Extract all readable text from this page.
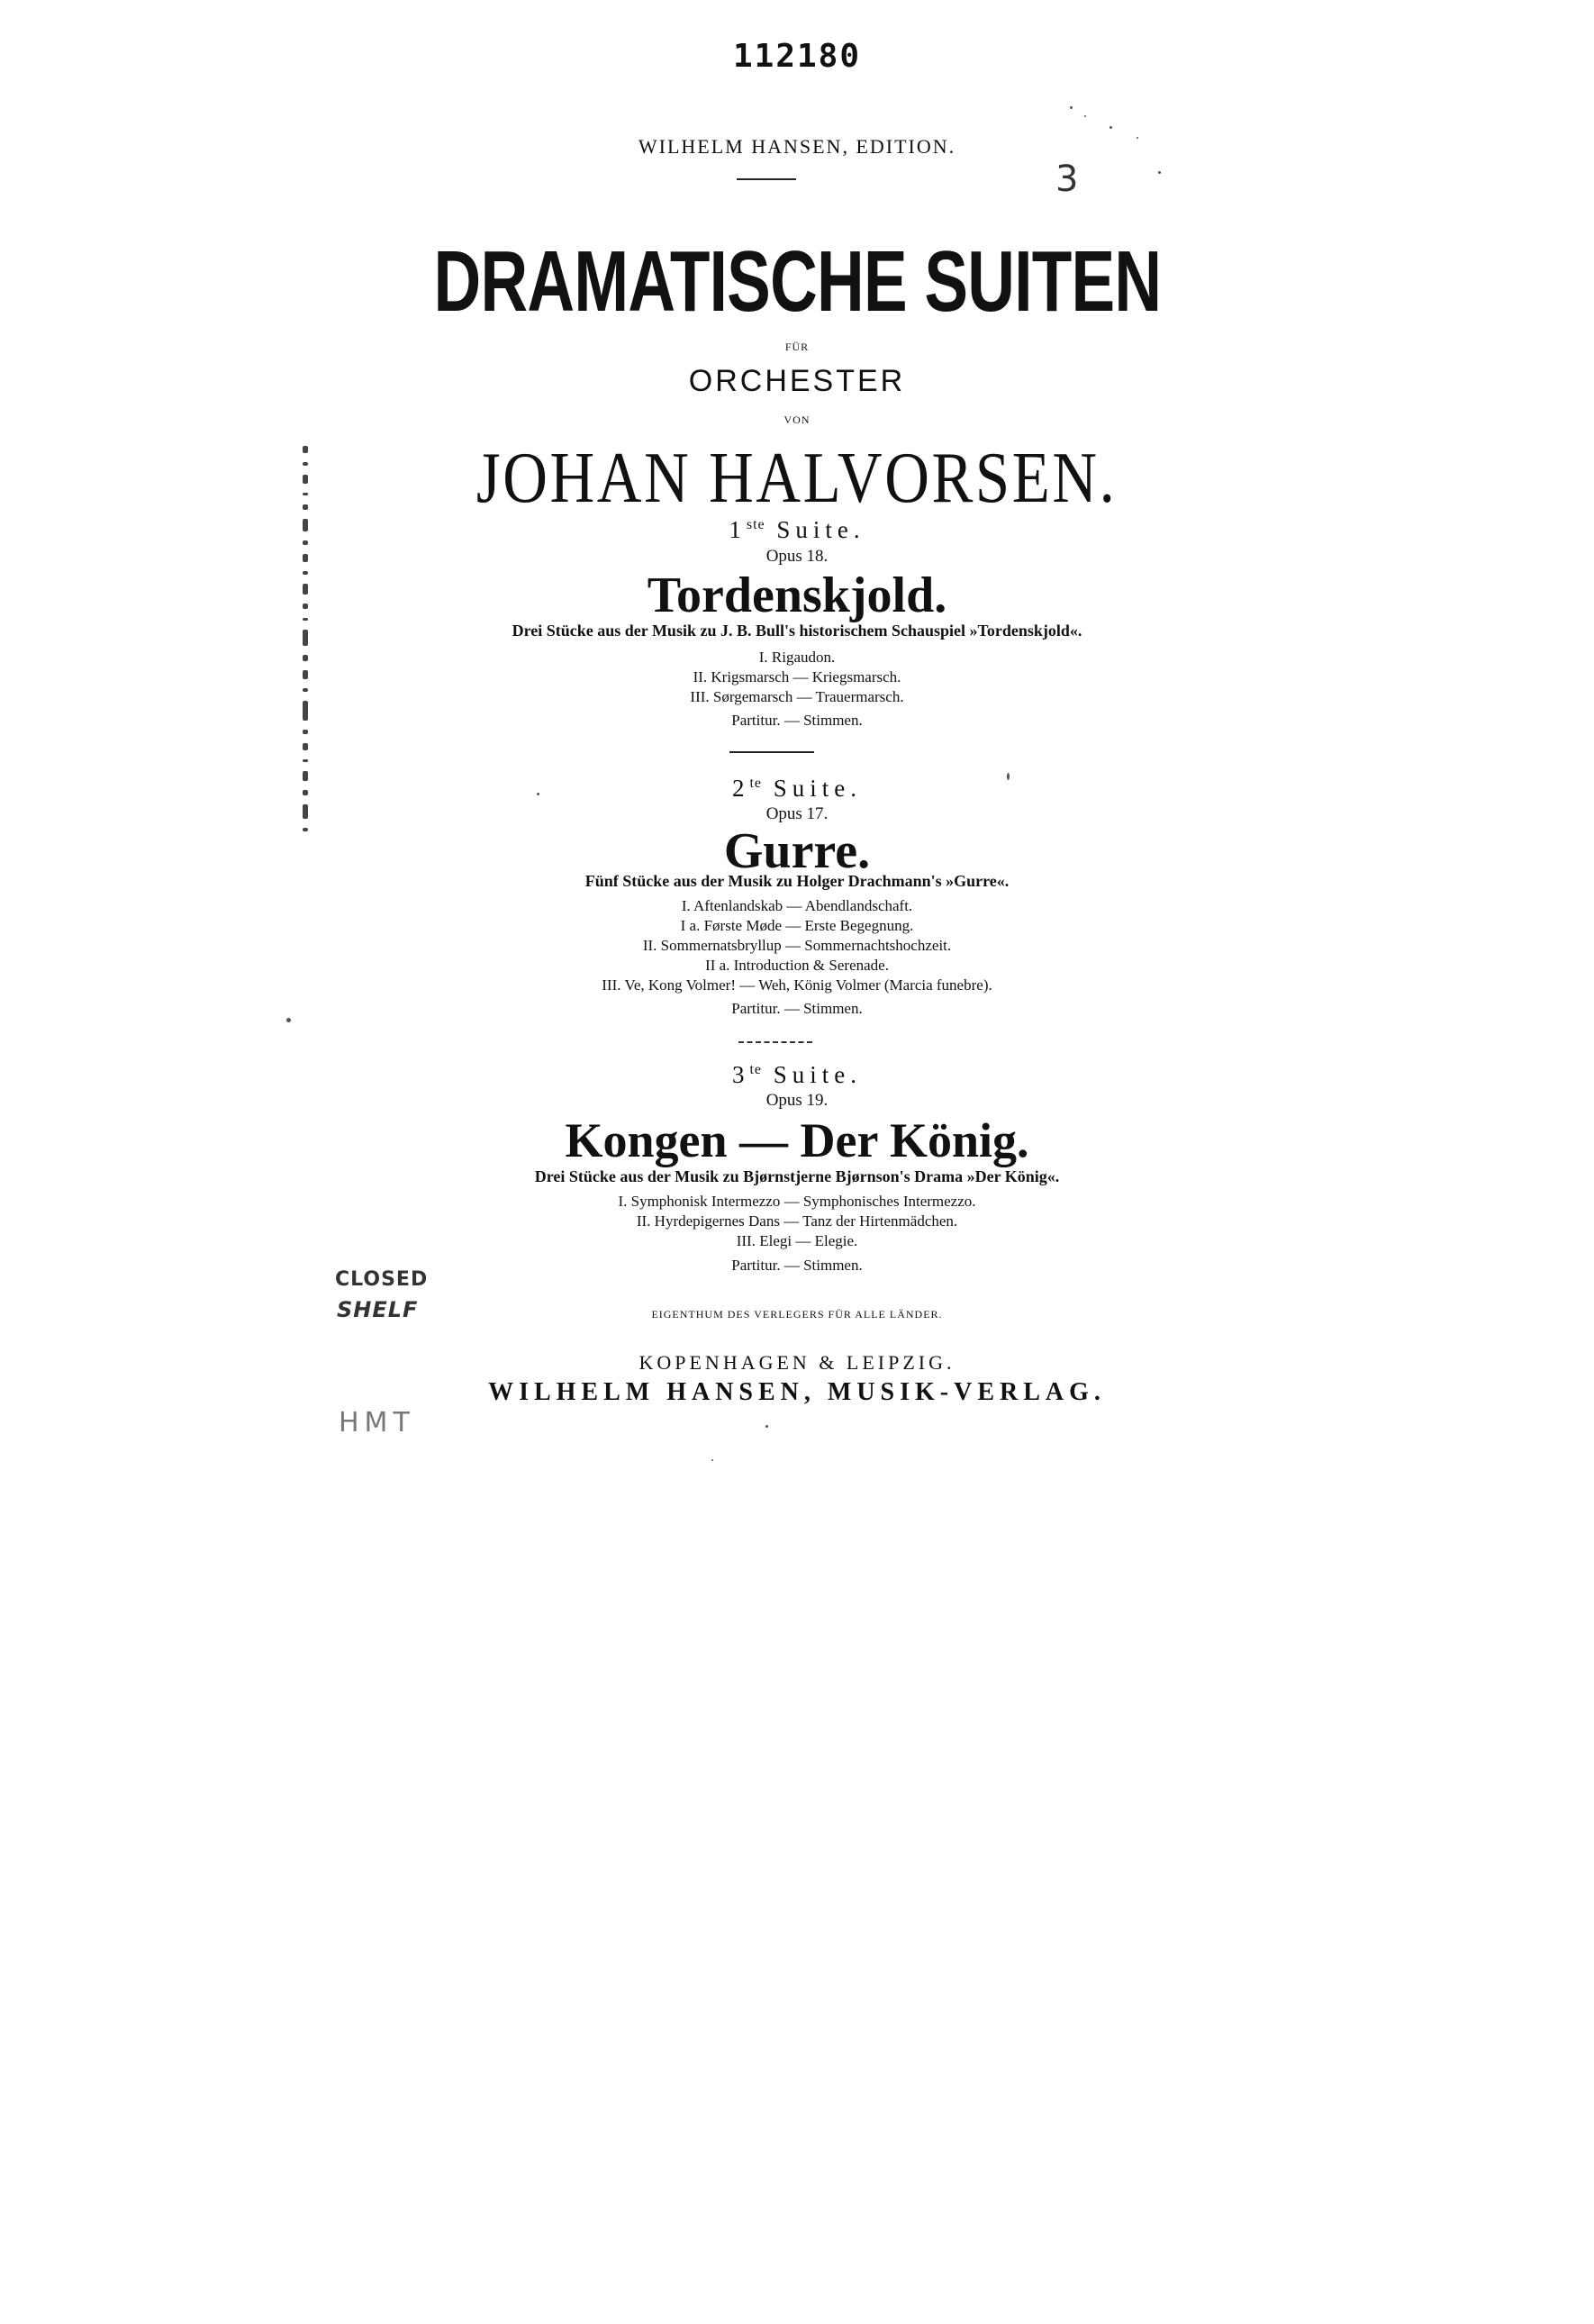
112180
WILHELM HANSEN, EDITION.
3
DRAMATISCHE SUITEN
FÜR
ORCHESTER
VON
JOHAN HALVORSEN.
1ste Suite.
Opus 18.
Tordenskjold.
Drei Stücke aus der Musik zu J. B. Bull's historischem Schauspiel »Tordenskjold«.
I. Rigaudon.
II. Krigsmarsch — Kriegsmarsch.
III. Sørgemarsch — Trauermarsch.
Partitur. — Stimmen.
$2^{te}$ Suite.
Opus 17.
Gurre.
Fünf Stücke aus der Musik zu Holger Drachmann's »Gurre«.
I. Aftenlandskab — Abendlandschaft.
I a. Første Møde — Erste Begegnung.
II. Sommernatsbryllup — Sommernachtshochzeit.
II a. Introduction & Serenade.
III. Ve, Kong Volmer! — Weh, König Volmer (Marcia funebre).
Partitur. — Stimmen.
$3^{te}$ Suite.
Opus 19.
Kongen — Der König.
Drei Stücke aus der Musik zu Bjørnstjerne Bjørnson's Drama »Der König«.
I. Symphonisk Intermezzo — Symphonisches Intermezzo.
II. Hyrdepigernes Dans — Tanz der Hirtenmädchen.
III. Elegi — Elegie.
Partitur. — Stimmen.
EIGENTHUM DES VERLEGERS FÜR ALLE LÄNDER.
KOPENHAGEN & LEIPZIG.
WILHELM HANSEN, MUSIK-VERLAG.
CLOSED
SHELF
HMT
